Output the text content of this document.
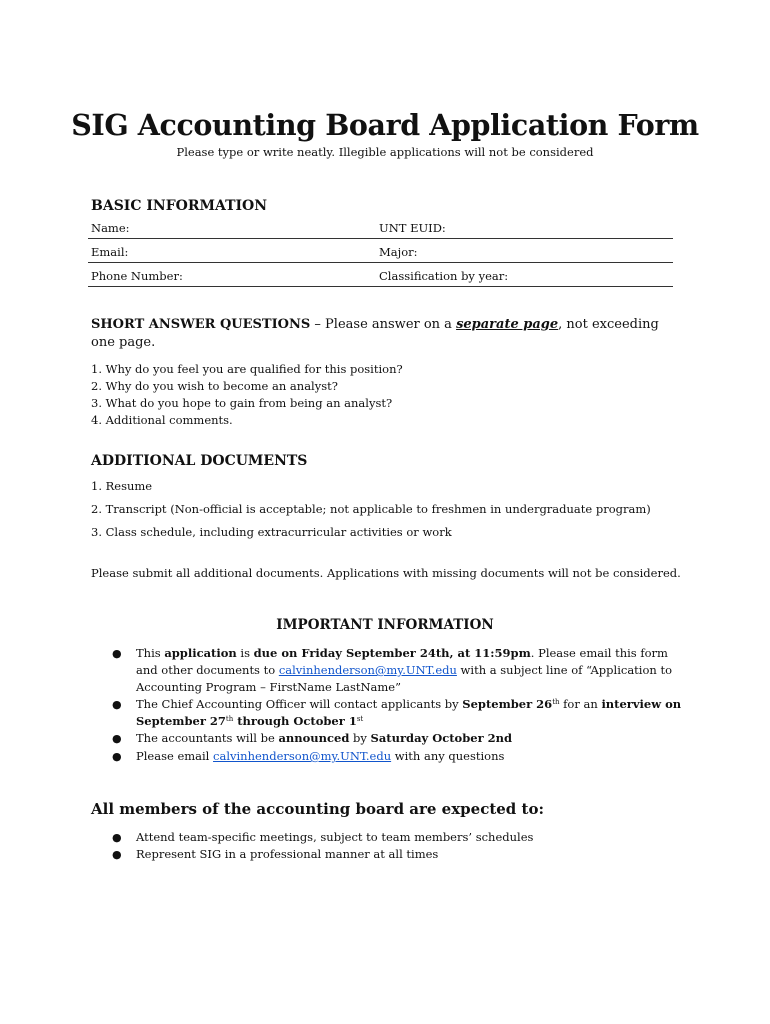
SIG Accounting Board Application Form
Please type or write neatly. Illegible applications will not be considered
BASIC INFORMATION
Name:	UNT EUID:
Email:	Major:
Phone Number:	Classification by year:
SHORT ANSWER QUESTIONS – Please answer on a separate page, not exceeding one page.
1. Why do you feel you are qualified for this position?
2. Why do you wish to become an analyst?
3. What do you hope to gain from being an analyst?
4. Additional comments.
ADDITIONAL DOCUMENTS
1. Resume
2. Transcript (Non-official is acceptable; not applicable to freshmen in undergraduate program)
3. Class schedule, including extracurricular activities or work
Please submit all additional documents. Applications with missing documents will not be considered.
IMPORTANT INFORMATION
● This application is due on Friday September 24th, at 11:59pm. Please email this form and other documents to calvinhenderson@my.UNT.edu with a subject line of “Application to Accounting Program – FirstName LastName”
● The Chief Accounting Officer will contact applicants by September 26th for an interview on September 27th through October 1st
● The accountants will be announced by Saturday October 2nd
● Please email calvinhenderson@my.UNT.edu with any questions
All members of the accounting board are expected to:
● Attend team-specific meetings, subject to team members’ schedules
● Represent SIG in a professional manner at all times
